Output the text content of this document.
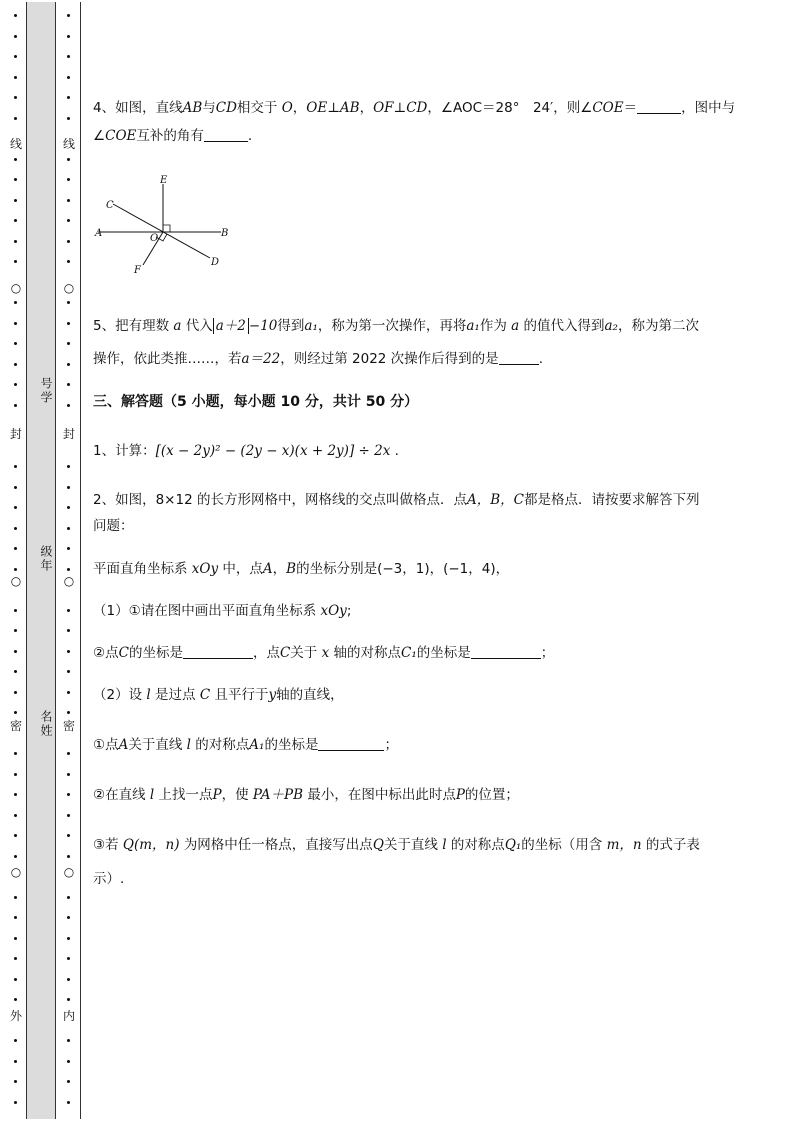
线
○
封
○
密
○
外
号学
级年
名姓
线
○
封
○
密
○
内
4、如图，直线AB与CD相交于 O，OE⊥AB，OF⊥CD，∠AOC＝28°　24′，则∠COE＝	，图中与
∠COE互补的角有	.
E
C
A	O	B
F
D
5、把有理数 a 代入 a＋2 −10得到a₁，称为第一次操作，再将a₁作为 a 的值代入得到a₂，称为第二次
操作，依此类推……，若a＝22，则经过第 2022 次操作后得到的是	.
三、解答题（5 小题，每小题 10 分，共计 50 分）
1、计算：[(x − 2y)² − (2y − x)(x + 2y)] ÷ 2x .
2、如图，8×12 的长方形网格中，网格线的交点叫做格点．点A，B，C都是格点．请按要求解答下列
问题：
平面直角坐标系 xOy 中，点A，B的坐标分别是(−3，1)，(−1，4)，
（1）①请在图中画出平面直角坐标系 xOy;
②点C的坐标是	，点C关于 x 轴的对称点C₁的坐标是	；
（2）设 l 是过点 C 且平行于y轴的直线，
①点A关于直线 l 的对称点A₁的坐标是	；
②在直线 l 上找一点P，使 PA＋PB 最小，在图中标出此时点P的位置；
③若 Q(m，n) 为网格中任一格点，直接写出点Q关于直线 l 的对称点Q₁的坐标（用含 m，n 的式子表
示）.
